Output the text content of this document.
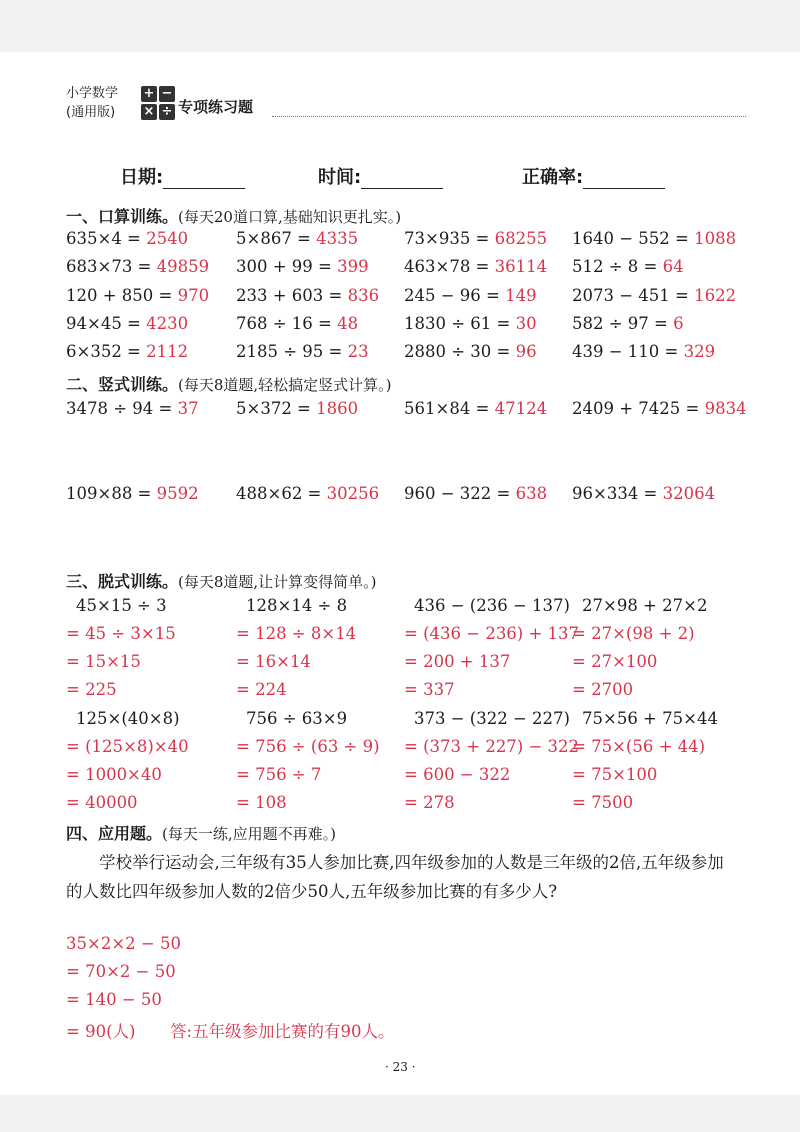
小学数学
(通用版)
+ −
× ÷ 专项练习题
日期:	时间:	正确率:
一、口算训练。(每天20道口算,基础知识更扎实。)
635×4 = 2540	5×867 = 4335	73×935 = 68255 1640 − 552 = 1088
683×73 = 49859 300 + 99 = 399 463×78 = 36114 512 ÷ 8 = 64
120 + 850 = 970 233 + 603 = 836 245 − 96 = 149 2073 − 451 = 1622
94×45 = 4230	768 ÷ 16 = 48	1830 ÷ 61 = 30 582 ÷ 97 = 6
6×352 = 2112	2185 ÷ 95 = 23 2880 ÷ 30 = 96 439 − 110 = 329
二、竖式训练。(每天8道题,轻松搞定竖式计算。)
3478 ÷ 94 = 37 5×372 = 1860	561×84 = 47124 2409 + 7425 = 9834
109×88 = 9592 488×62 = 30256 960 − 322 = 638 96×334 = 32064
三、脱式训练。(每天8道题,让计算变得简单。)
45×15 ÷ 3
= 45 ÷ 3×15
= 15×15
= 225
128×14 ÷ 8
= 128 ÷ 8×14
= 16×14
= 224
436 − (236 − 137)
= (436 − 236) + 137
= 200 + 137
= 337
27×98 + 27×2
= 27×(98 + 2)
= 27×100
= 2700
125×(40×8)
= (125×8)×40
= 1000×40
= 40000
756 ÷ 63×9
= 756 ÷ (63 ÷ 9)
= 756 ÷ 7
= 108
373 − (322 − 227)
= (373 + 227) − 322
= 600 − 322
= 278
75×56 + 75×44
= 75×(56 + 44)
= 75×100
= 7500
四、应用题。(每天一练,应用题不再难。)
学校举行运动会,三年级有35人参加比赛,四年级参加的人数是三年级的2倍,五年级参加的人数比四年级参加人数的2倍少50人,五年级参加比赛的有多少人?
35×2×2 − 50
= 70×2 − 50
= 140 − 50
= 90(人) 答:五年级参加比赛的有90人。
· 23 ·
